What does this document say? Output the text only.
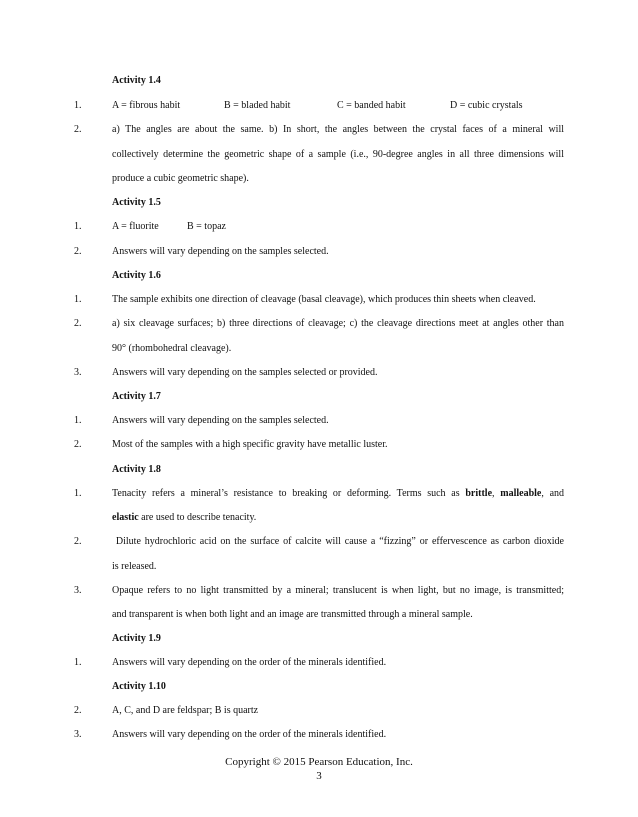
Activity 1.4
1.	A = fibrous habit	B = bladed habit	C = banded habit	D = cubic crystals
2.	a) The angles are about the same. b) In short, the angles between the crystal faces of a mineral will
collectively determine the geometric shape of a sample (i.e., 90-degree angles in all three dimensions will
produce a cubic geometric shape).
Activity 1.5
1.	A = fluorite	B = topaz
2.	Answers will vary depending on the samples selected.
Activity 1.6
1.	The sample exhibits one direction of cleavage (basal cleavage), which produces thin sheets when cleaved.
2.	a) six cleavage surfaces; b) three directions of cleavage; c) the cleavage directions meet at angles other than
90° (rhombohedral cleavage).
3.	Answers will vary depending on the samples selected or provided.
Activity 1.7
1.	Answers will vary depending on the samples selected.
2.	Most of the samples with a high specific gravity have metallic luster.
Activity 1.8
1.	Tenacity refers a mineral’s resistance to breaking or deforming. Terms such as brittle, malleable, and
elastic are used to describe tenacity.
2.	Dilute hydrochloric acid on the surface of calcite will cause a “fizzing” or effervescence as carbon dioxide
is released.
3.	Opaque refers to no light transmitted by a mineral; translucent is when light, but no image, is transmitted;
and transparent is when both light and an image are transmitted through a mineral sample.
Activity 1.9
1.	Answers will vary depending on the order of the minerals identified.
Activity 1.10
2.	A, C, and D are feldspar; B is quartz
3.	Answers will vary depending on the order of the minerals identified.
Copyright © 2015 Pearson Education, Inc.
3
